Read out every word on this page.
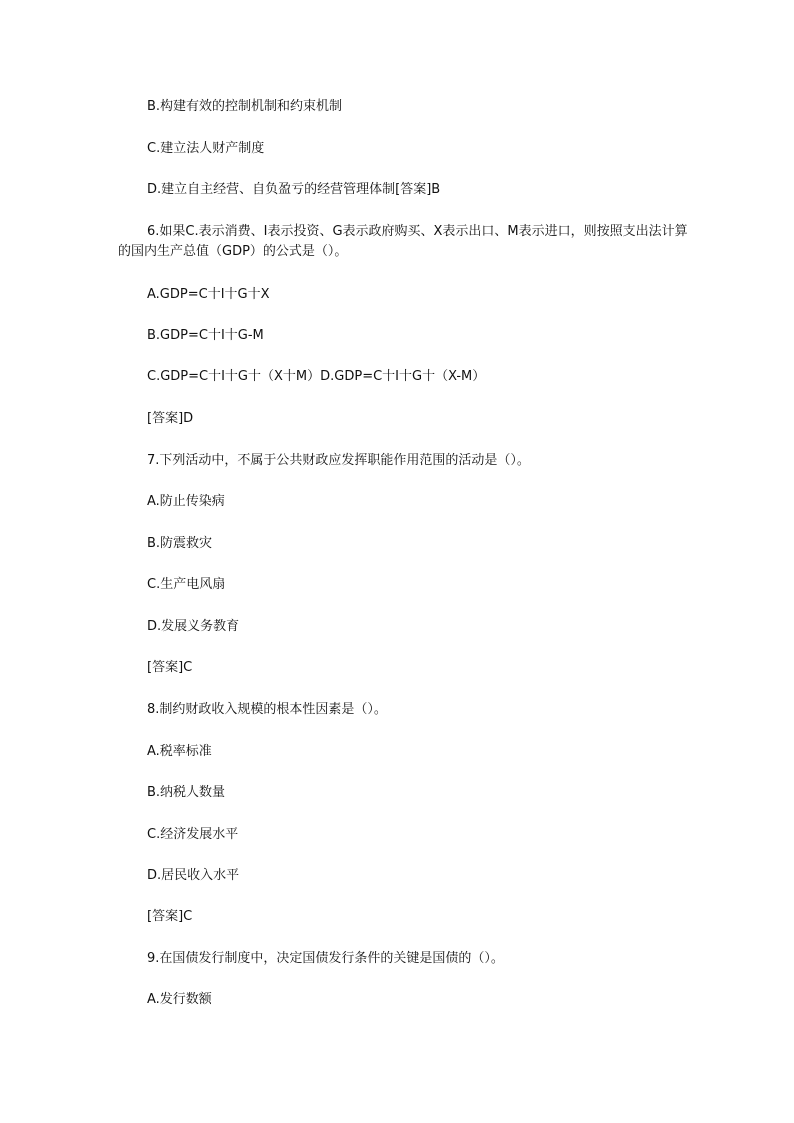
B.构建有效的控制机制和约束机制
C.建立法人财产制度
D.建立自主经营、自负盈亏的经营管理体制[答案]B
6.如果C.表示消费、I表示投资、G表示政府购买、X表示出口、M表示进口，则按照支出法计算的国内生产总值（GDP）的公式是（）。
A.GDP=C十I十G十X
B.GDP=C十I十G-M
C.GDP=C十I十G十（X十M）D.GDP=C十I十G十（X-M）
[答案]D
7.下列活动中，不属于公共财政应发挥职能作用范围的活动是（）。
A.防止传染病
B.防震救灾
C.生产电风扇
D.发展义务教育
[答案]C
8.制约财政收入规模的根本性因素是（）。
A.税率标准
B.纳税人数量
C.经济发展水平
D.居民收入水平
[答案]C
9.在国债发行制度中，决定国债发行条件的关键是国债的（）。
A.发行数额
